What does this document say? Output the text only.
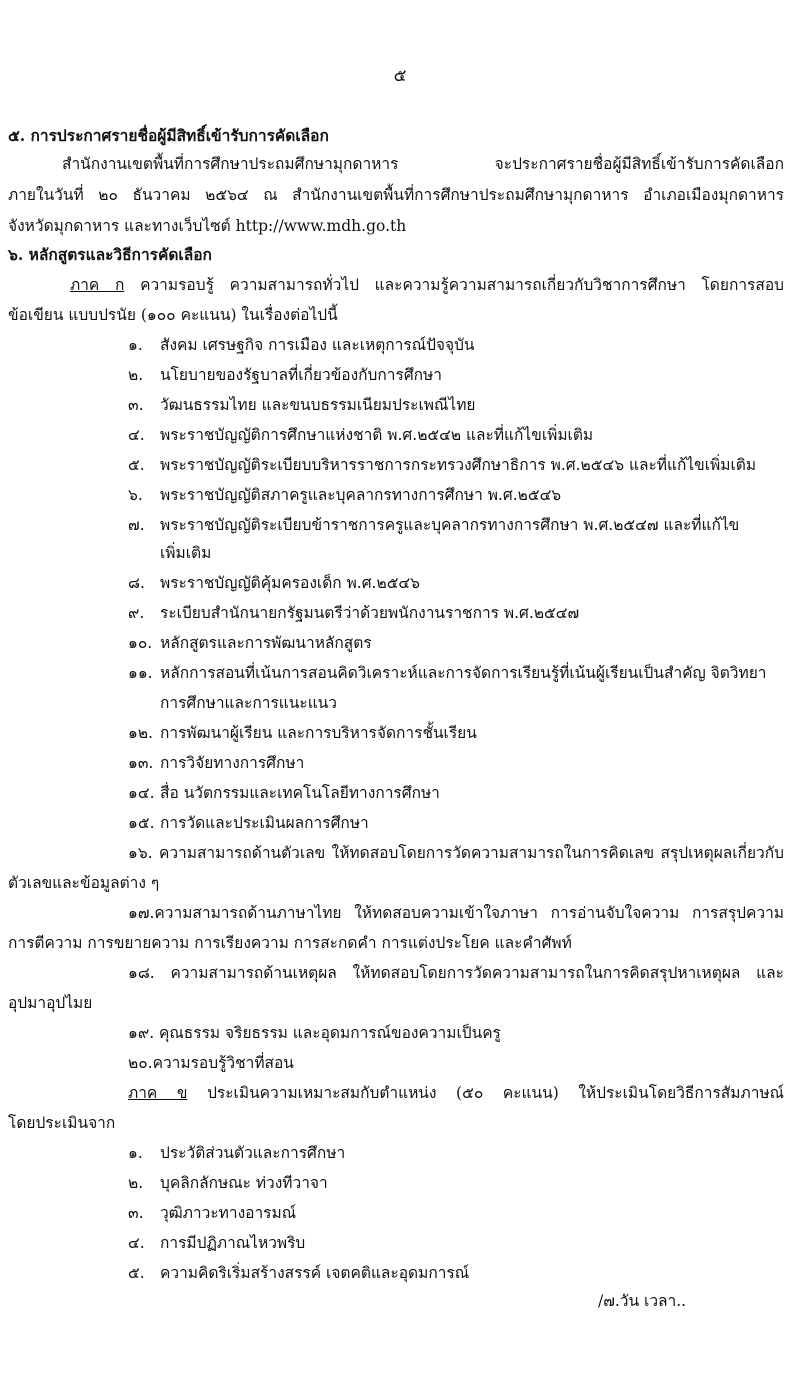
๕
๕. การประกาศรายชื่อผู้มีสิทธิ์เข้ารับการคัดเลือก
สำนักงานเขตพื้นที่การศึกษาประถมศึกษามุกดาหาร จะประกาศรายชื่อผู้มีสิทธิ์เข้ารับการคัดเลือก
ภายในวันที่ ๒๐ ธันวาคม ๒๕๖๔ ณ สำนักงานเขตพื้นที่การศึกษาประถมศึกษามุกดาหาร อำเภอเมืองมุกดาหาร
จังหวัดมุกดาหาร และทางเว็บไซต์ http://www.mdh.go.th
๖. หลักสูตรและวิธีการคัดเลือก
ภาค ก ความรอบรู้ ความสามารถทั่วไป และความรู้ความสามารถเกี่ยวกับวิชาการศึกษา โดยการสอบ
ข้อเขียน แบบปรนัย (๑๐๐ คะแนน) ในเรื่องต่อไปนี้
๑. สังคม เศรษฐกิจ การเมือง และเหตุการณ์ปัจจุบัน
๒. นโยบายของรัฐบาลที่เกี่ยวข้องกับการศึกษา
๓. วัฒนธรรมไทย และขนบธรรมเนียมประเพณีไทย
๔. พระราชบัญญัติการศึกษาแห่งชาติ พ.ศ.๒๕๔๒ และที่แก้ไขเพิ่มเติม
๕. พระราชบัญญัติระเบียบบริหารราชการกระทรวงศึกษาธิการ พ.ศ.๒๕๔๖ และที่แก้ไขเพิ่มเติม
๖. พระราชบัญญัติสภาครูและบุคลากรทางการศึกษา พ.ศ.๒๕๔๖
๗. พระราชบัญญัติระเบียบข้าราชการครูและบุคลากรทางการศึกษา พ.ศ.๒๕๔๗ และที่แก้ไข
เพิ่มเติม
๘. พระราชบัญญัติคุ้มครองเด็ก พ.ศ.๒๕๔๖
๙. ระเบียบสำนักนายกรัฐมนตรีว่าด้วยพนักงานราชการ พ.ศ.๒๕๔๗
๑๐. หลักสูตรและการพัฒนาหลักสูตร
๑๑. หลักการสอนที่เน้นการสอนคิดวิเคราะห์และการจัดการเรียนรู้ที่เน้นผู้เรียนเป็นสำคัญ จิตวิทยา
การศึกษาและการแนะแนว
๑๒. การพัฒนาผู้เรียน และการบริหารจัดการชั้นเรียน
๑๓. การวิจัยทางการศึกษา
๑๔. สื่อ นวัตกรรมและเทคโนโลยีทางการศึกษา
๑๕. การวัดและประเมินผลการศึกษา
๑๖. ความสามารถด้านตัวเลข ให้ทดสอบโดยการวัดความสามารถในการคิดเลข สรุปเหตุผลเกี่ยวกับ
ตัวเลขและข้อมูลต่าง ๆ
๑๗.ความสามารถด้านภาษาไทย ให้ทดสอบความเข้าใจภาษา การอ่านจับใจความ การสรุปความ
การตีความ การขยายความ การเรียงความ การสะกดคำ การแต่งประโยค และคำศัพท์
๑๘. ความสามารถด้านเหตุผล ให้ทดสอบโดยการวัดความสามารถในการคิดสรุปหาเหตุผล และ
อุปมาอุปไมย
๑๙. คุณธรรม จริยธรรม และอุดมการณ์ของความเป็นครู
๒๐.ความรอบรู้วิชาที่สอน
ภาค ข ประเมินความเหมาะสมกับตำแหน่ง (๕๐ คะแนน) ให้ประเมินโดยวิธีการสัมภาษณ์
โดยประเมินจาก
๑. ประวัติส่วนตัวและการศึกษา
๒. บุคลิกลักษณะ ท่วงทีวาจา
๓. วุฒิภาวะทางอารมณ์
๔. การมีปฏิภาณไหวพริบ
๕. ความคิดริเริ่มสร้างสรรค์ เจตคติและอุดมการณ์
/๗.วัน เวลา..
